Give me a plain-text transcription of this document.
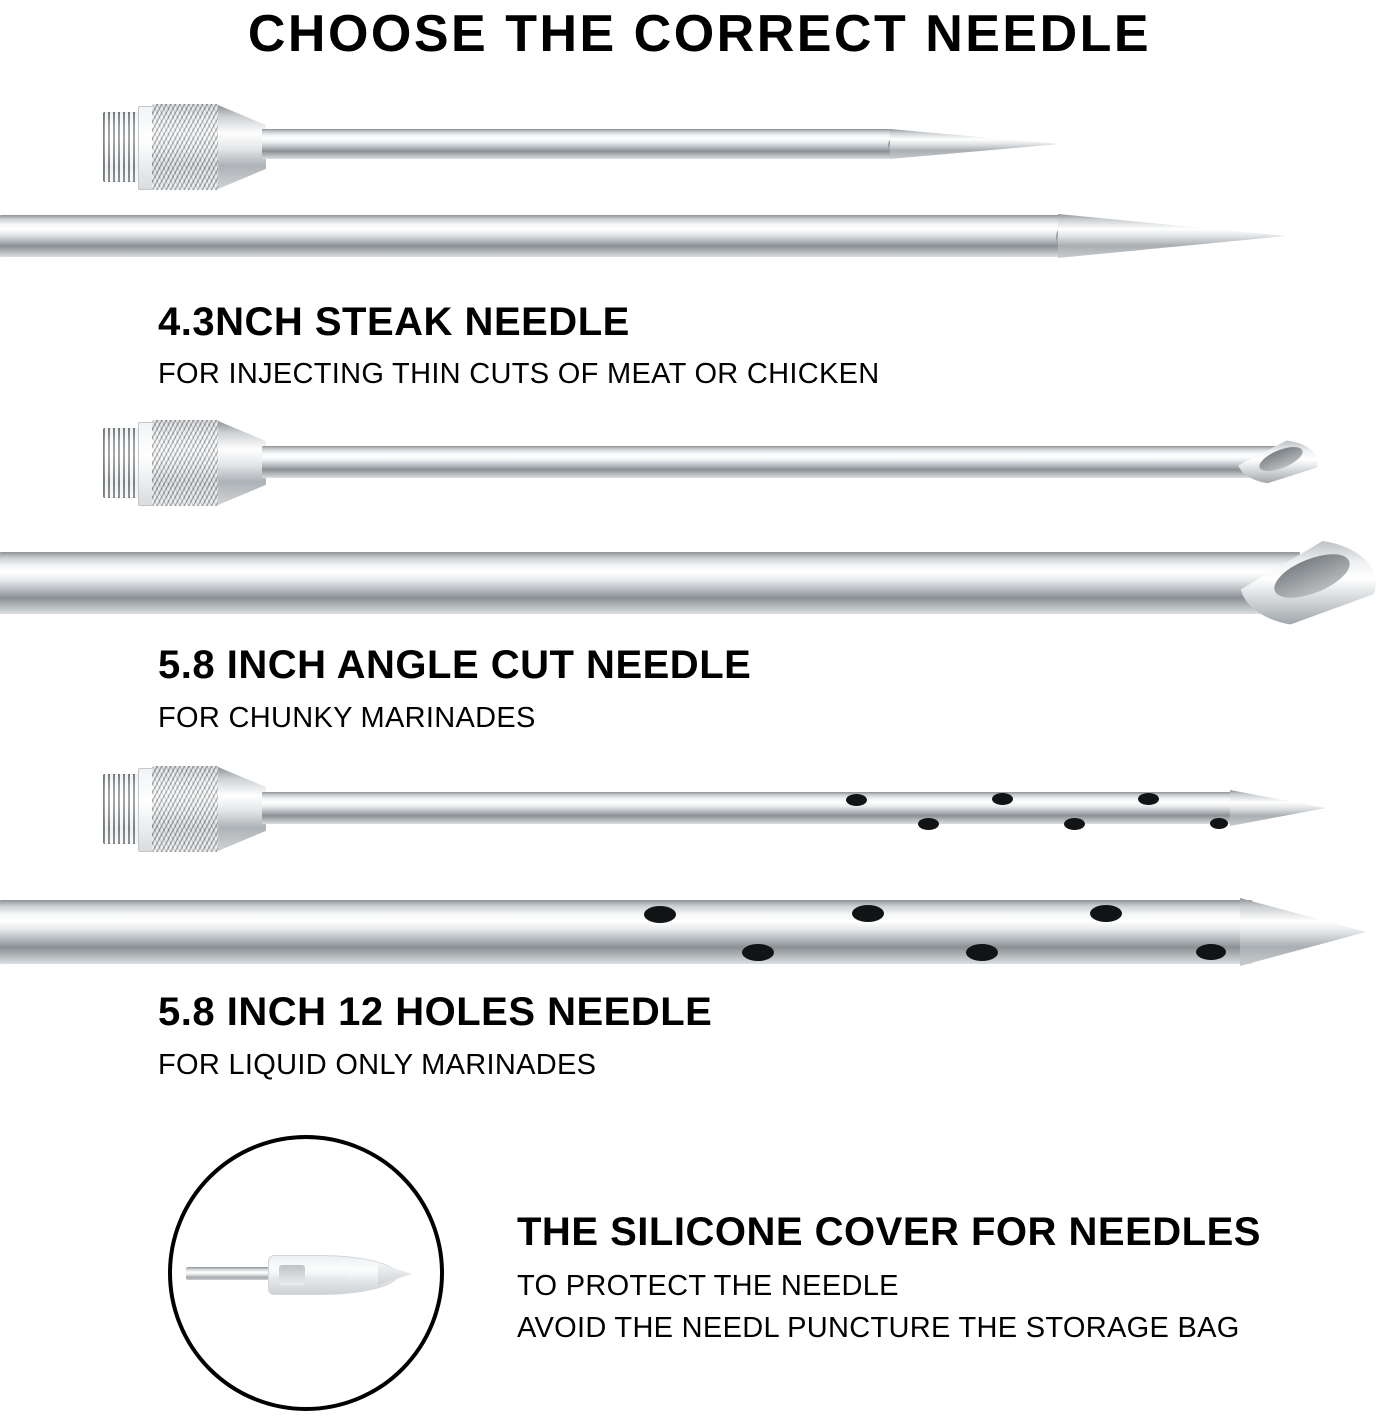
CHOOSE THE CORRECT NEEDLE
4.3NCH STEAK NEEDLE
FOR INJECTING THIN CUTS OF MEAT OR CHICKEN
5.8 INCH ANGLE CUT NEEDLE
FOR CHUNKY MARINADES
5.8 INCH 12 HOLES NEEDLE
FOR LIQUID ONLY MARINADES
THE SILICONE COVER FOR NEEDLES
TO PROTECT THE NEEDLE
AVOID THE NEEDL PUNCTURE THE STORAGE BAG
